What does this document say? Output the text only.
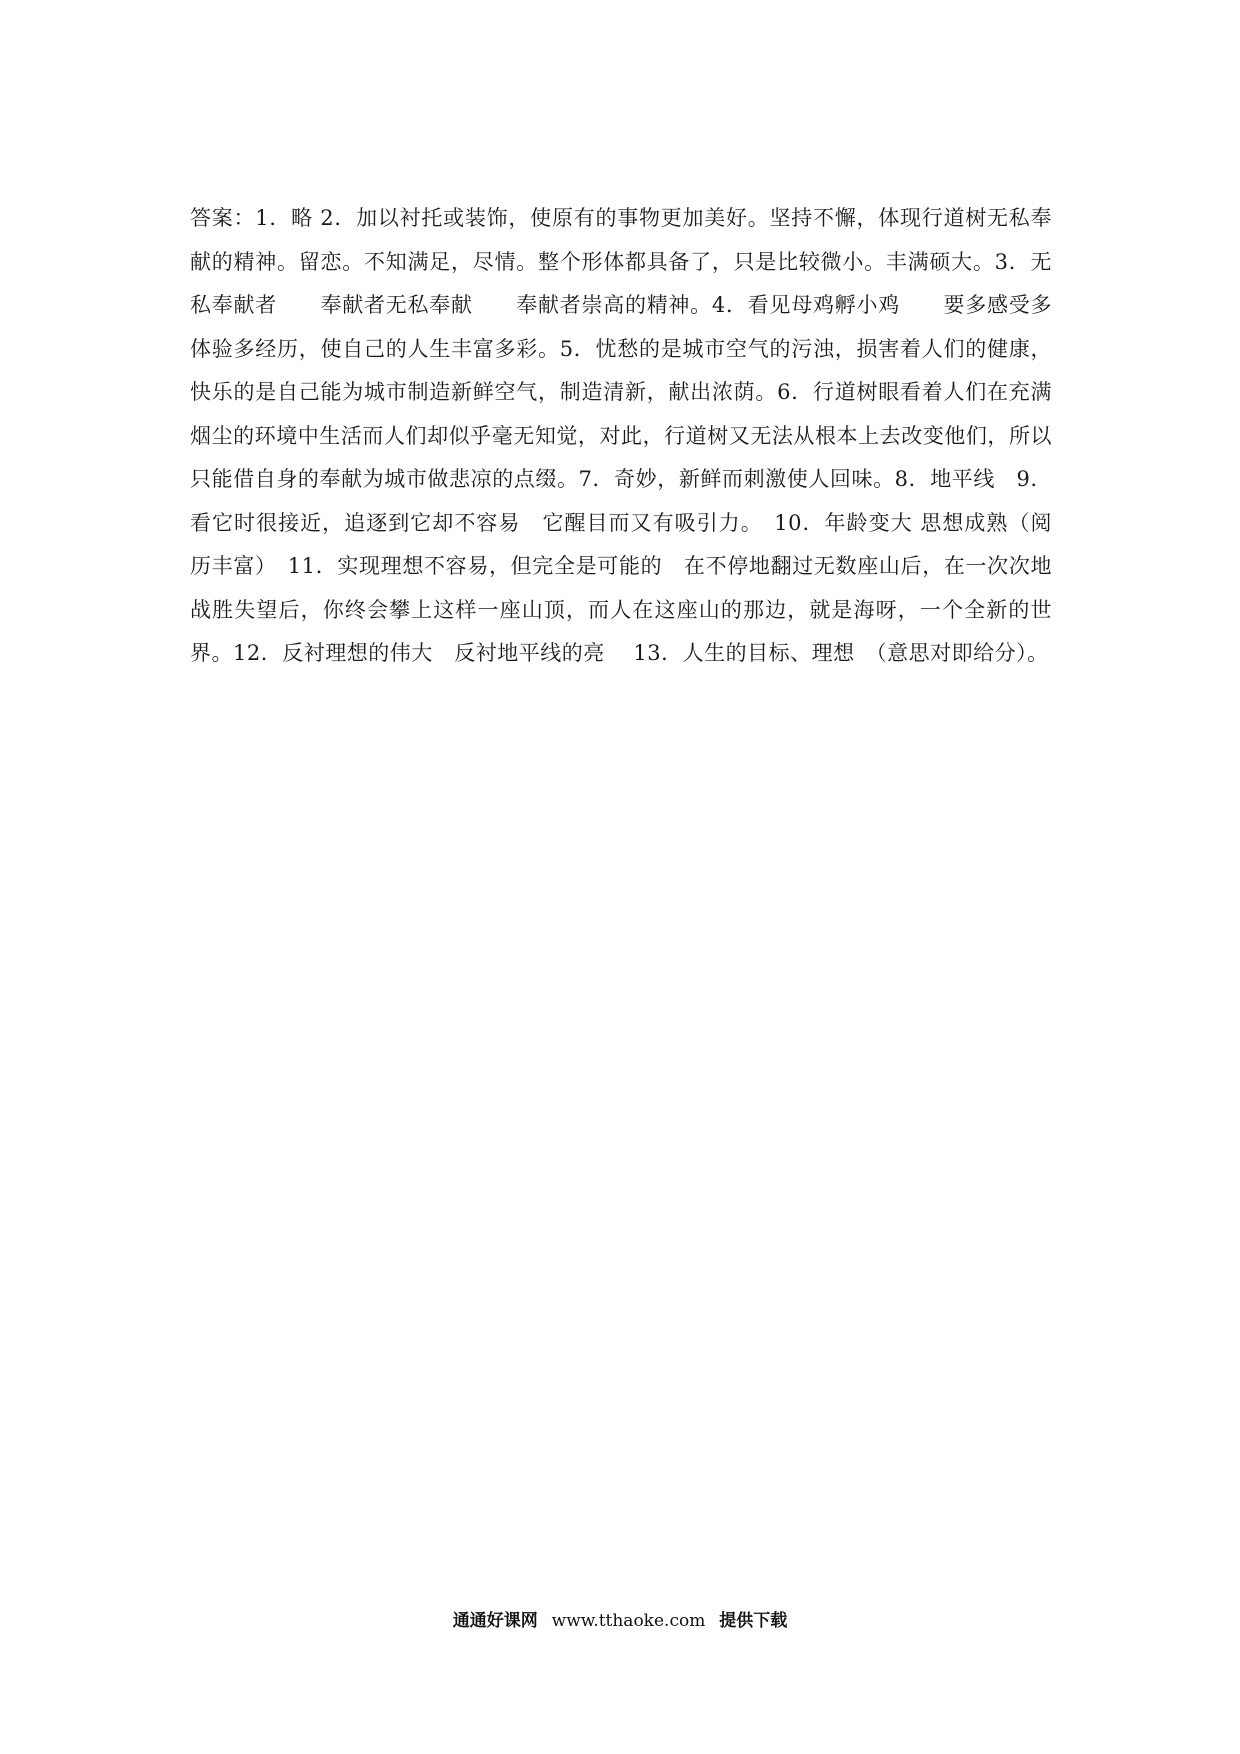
答案：1．略 2．加以衬托或装饰，使原有的事物更加美好。坚持不懈，体现行道树无私奉献的精神。留恋。不知满足，尽情。整个形体都具备了，只是比较微小。丰满硕大。3．无私奉献者　　奉献者无私奉献　　奉献者崇高的精神。4．看见母鸡孵小鸡　　要多感受多体验多经历，使自己的人生丰富多彩。5．忧愁的是城市空气的污浊，损害着人们的健康，快乐的是自己能为城市制造新鲜空气，制造清新，献出浓荫。6．行道树眼看着人们在充满烟尘的环境中生活而人们却似乎毫无知觉，对此，行道树又无法从根本上去改变他们，所以只能借自身的奉献为城市做悲凉的点缀。7．奇妙，新鲜而刺激使人回味。8．地平线　9．看它时很接近，追逐到它却不容易　它醒目而又有吸引力。　10．年龄变大 思想成熟（阅历丰富）　11．实现理想不容易，但完全是可能的　在不停地翻过无数座山后，在一次次地战胜失望后，你终会攀上这样一座山顶，而人在这座山的那边，就是海呀，一个全新的世界。12．反衬理想的伟大　反衬地平线的亮　 13．人生的目标、理想　（意思对即给分）。

通通好课网 www.tthaoke.com 提供下载
